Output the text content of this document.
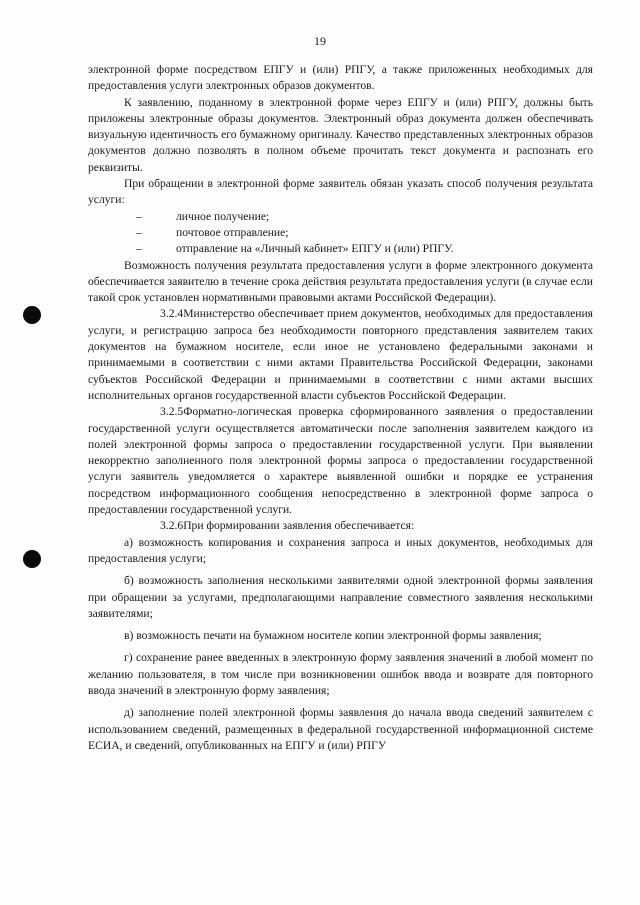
19

электронной форме посредством ЕПГУ и (или) РПГУ, а также приложенных необходимых для предоставления услуги электронных образов документов.

К заявлению, поданному в электронной форме через ЕПГУ и (или) РПГУ, должны быть приложены электронные образы документов. Электронный образ документа должен обеспечивать визуальную идентичность его бумажному оригиналу. Качество представленных электронных образов документов должно позволять в полном объеме прочитать текст документа и распознать его реквизиты.

При обращении в электронной форме заявитель обязан указать способ получения результата услуги:

–	личное получение;
–	почтовое отправление;
–	отправление на «Личный кабинет» ЕПГУ и (или) РПГУ.

Возможность получения результата предоставления услуги в форме электронного документа обеспечивается заявителю в течение срока действия результата предоставления услуги (в случае если такой срок установлен нормативными правовыми актами Российской Федерации).

3.2.4Министерство обеспечивает прием документов, необходимых для предоставления услуги, и регистрацию запроса без необходимости повторного представления заявителем таких документов на бумажном носителе, если иное не установлено федеральными законами и принимаемыми в соответствии с ними актами Правительства Российской Федерации, законами субъектов Российской Федерации и принимаемыми в соответствии с ними актами высших исполнительных органов государственной власти субъектов Российской Федерации.

3.2.5Форматно-логическая проверка сформированного заявления о предоставлении государственной услуги осуществляется автоматически после заполнения заявителем каждого из полей электронной формы запроса о предоставлении государственной услуги. При выявлении некорректно заполненного поля электронной формы запроса о предоставлении государственной услуги заявитель уведомляется о характере выявленной ошибки и порядке ее устранения посредством информационного сообщения непосредственно в электронной форме запроса о предоставлении государственной услуги.

3.2.6При формировании заявления обеспечивается:

а) возможность копирования и сохранения запроса и иных документов, необходимых для предоставления услуги;

б) возможность заполнения несколькими заявителями одной электронной формы заявления при обращении за услугами, предполагающими направление совместного заявления несколькими заявителями;

в) возможность печати на бумажном носителе копии электронной формы заявления;

г) сохранение ранее введенных в электронную форму заявления значений в любой момент по желанию пользователя, в том числе при возникновении ошибок ввода и возврате для повторного ввода значений в электронную форму заявления;

д) заполнение полей электронной формы заявления до начала ввода сведений заявителем с использованием сведений, размещенных в федеральной государственной информационной системе ЕСИА, и сведений, опубликованных на ЕПГУ и (или) РПГУ
